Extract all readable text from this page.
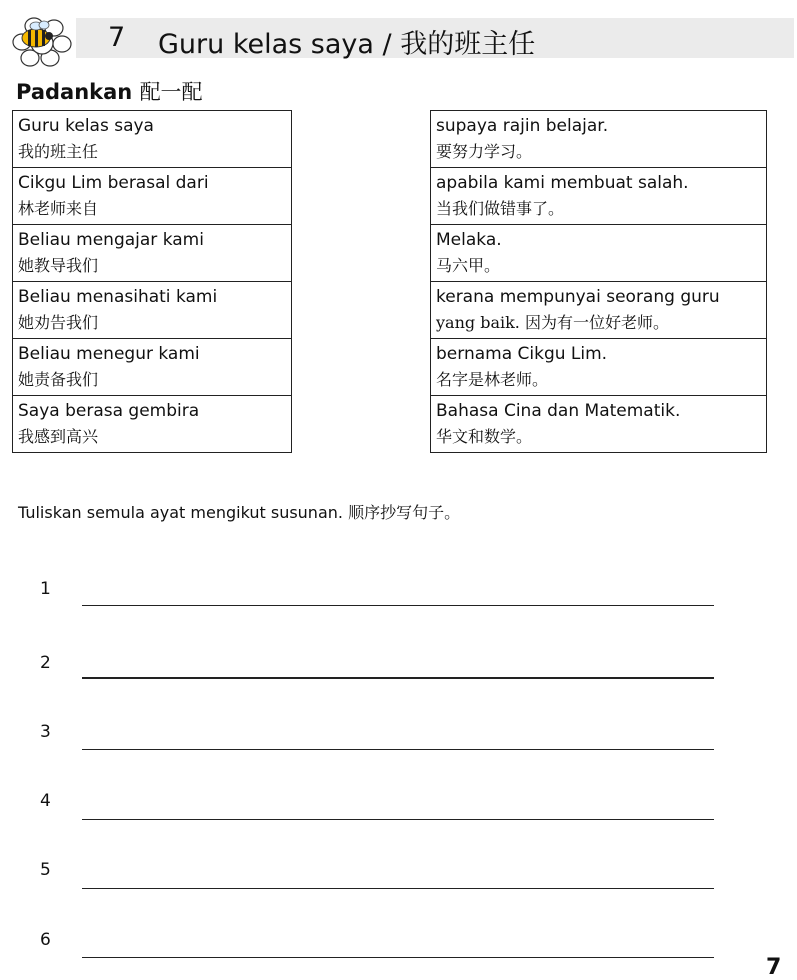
7 Guru kelas saya / 我的班主任
Padankan 配一配
Guru kelas saya
我的班主任

Cikgu Lim berasal dari
林老师来自

Beliau mengajar kami
她教导我们

Beliau menasihati kami
她劝告我们

Beliau menegur kami
她责备我们

Saya berasa gembira
我感到高兴
supaya rajin belajar.
要努力学习。

apabila kami membuat salah.
当我们做错事了。

Melaka.
马六甲。

kerana mempunyai seorang guru
yang baik. 因为有一位好老师。

bernama Cikgu Lim.
名字是林老师。

Bahasa Cina dan Matematik.
华文和数学。
Tuliskan semula ayat mengikut susunan. 顺序抄写句子。
1
2
3
4
5
6
7
